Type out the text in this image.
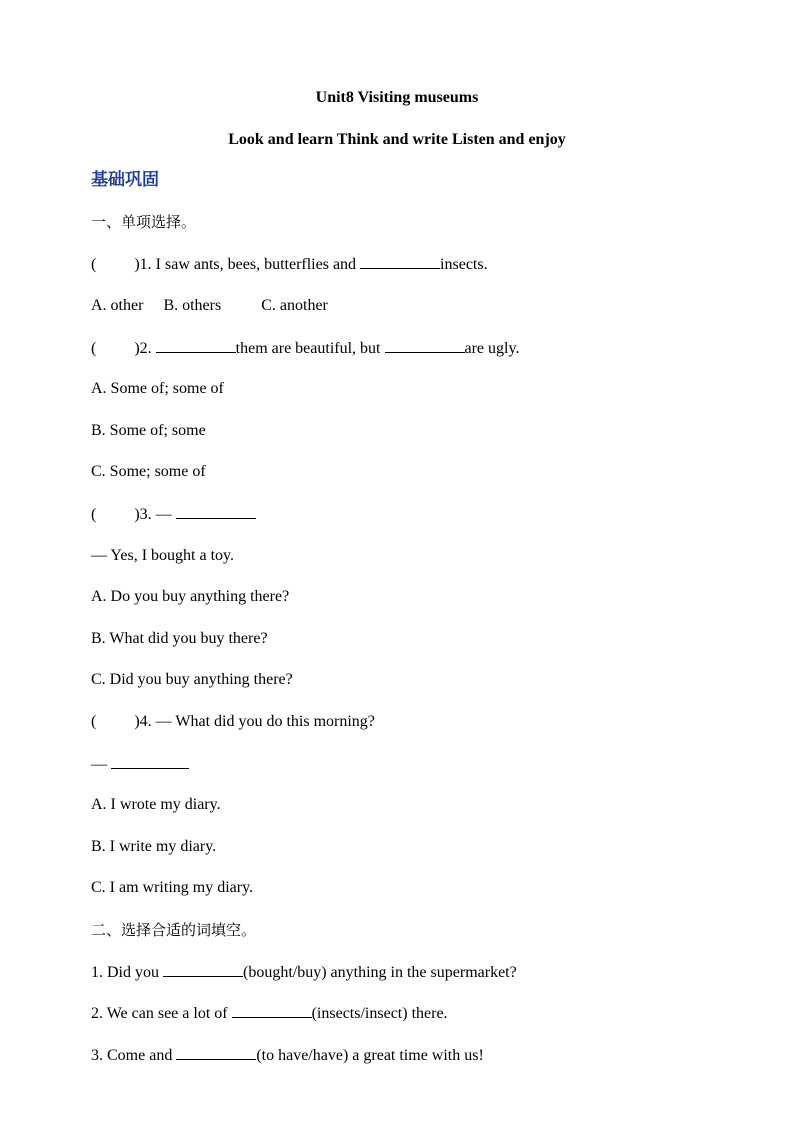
Unit8 Visiting museums
Look and learn Think and write Listen and enjoy
基础巩固
一、单项选择。
( )1. I saw ants, bees, butterflies and	insects.
A. other B. others	C. another
( )2.	them are beautiful, but	are ugly.
A. Some of; some of
B. Some of; some
C. Some; some of
( )3. —
— Yes, I bought a toy.
A. Do you buy anything there?
B. What did you buy there?
C. Did you buy anything there?
( )4. — What did you do this morning?
—
A. I wrote my diary.
B. I write my diary.
C. I am writing my diary.
二、选择合适的词填空。
1. Did you	(bought/buy) anything in the supermarket?
2. We can see a lot of	(insects/insect) there.
3. Come and	(to have/have) a great time with us!
